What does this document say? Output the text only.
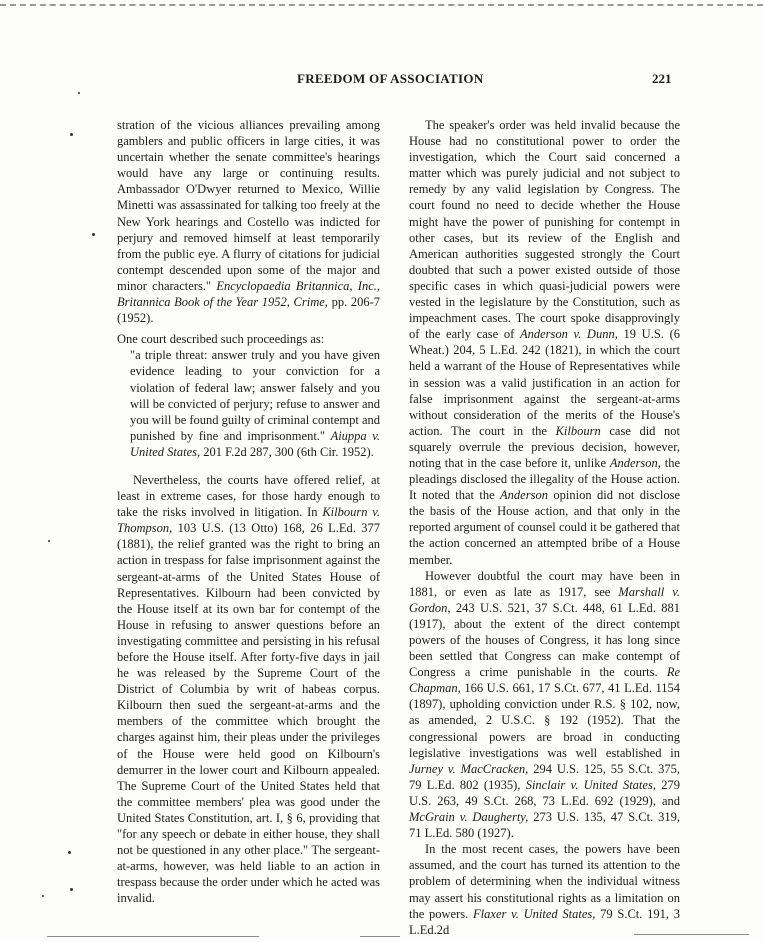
FREEDOM OF ASSOCIATION	221

stration of the vicious alliances prevailing among gamblers and public officers in large cities, it was uncertain whether the senate committee's hearings would have any large or continuing results. Ambassador O'Dwyer returned to Mexico, Willie Minetti was assassinated for talking too freely at the New York hearings and Costello was indicted for perjury and removed himself at least temporarily from the public eye. A flurry of citations for judicial contempt descended upon some of the major and minor characters." Encyclopaedia Britannica, Inc., Britannica Book of the Year 1952, Crime, pp. 206-7 (1952).

One court described such proceedings as:

"a triple threat: answer truly and you have given evidence leading to your conviction for a violation of federal law; answer falsely and you will be convicted of perjury; refuse to answer and you will be found guilty of criminal contempt and punished by fine and imprisonment." Aiuppa v. United States, 201 F.2d 287, 300 (6th Cir. 1952).

Nevertheless, the courts have offered relief, at least in extreme cases, for those hardy enough to take the risks involved in litigation. In Kilbourn v. Thompson, 103 U.S. (13 Otto) 168, 26 L.Ed. 377 (1881), the relief granted was the right to bring an action in trespass for false imprisonment against the sergeant-at-arms of the United States House of Representatives. Kilbourn had been convicted by the House itself at its own bar for contempt of the House in refusing to answer questions before an investigating committee and persisting in his refusal before the House itself. After forty-five days in jail he was released by the Supreme Court of the District of Columbia by writ of habeas corpus. Kilbourn then sued the sergeant-at-arms and the members of the committee which brought the charges against him, their pleas under the privileges of the House were held good on Kilbourn's demurrer in the lower court and Kilbourn appealed. The Supreme Court of the United States held that the committee members' plea was good under the United States Constitution, art. I, § 6, providing that "for any speech or debate in either house, they shall not be questioned in any other place." The sergeant-at-arms, however, was held liable to an action in trespass because the order under which he acted was invalid.

The speaker's order was held invalid because the House had no constitutional power to order the investigation, which the Court said concerned a matter which was purely judicial and not subject to remedy by any valid legislation by Congress. The court found no need to decide whether the House might have the power of punishing for contempt in other cases, but its review of the English and American authorities suggested strongly the Court doubted that such a power existed outside of those specific cases in which quasi-judicial powers were vested in the legislature by the Constitution, such as impeachment cases. The court spoke disapprovingly of the early case of Anderson v. Dunn, 19 U.S. (6 Wheat.) 204, 5 L.Ed. 242 (1821), in which the court held a warrant of the House of Representatives while in session was a valid justification in an action for false imprisonment against the sergeant-at-arms without consideration of the merits of the House's action. The court in the Kilbourn case did not squarely overrule the previous decision, however, noting that in the case before it, unlike Anderson, the pleadings disclosed the illegality of the House action. It noted that the Anderson opinion did not disclose the basis of the House action, and that only in the reported argument of counsel could it be gathered that the action concerned an attempted bribe of a House member.

However doubtful the court may have been in 1881, or even as late as 1917, see Marshall v. Gordon, 243 U.S. 521, 37 S.Ct. 448, 61 L.Ed. 881 (1917), about the extent of the direct contempt powers of the houses of Congress, it has long since been settled that Congress can make contempt of Congress a crime punishable in the courts. Re Chapman, 166 U.S. 661, 17 S.Ct. 677, 41 L.Ed. 1154 (1897), upholding conviction under R.S. § 102, now, as amended, 2 U.S.C. § 192 (1952). That the congressional powers are broad in conducting legislative investigations was well established in Jurney v. MacCracken, 294 U.S. 125, 55 S.Ct. 375, 79 L.Ed. 802 (1935), Sinclair v. United States, 279 U.S. 263, 49 S.Ct. 268, 73 L.Ed. 692 (1929), and McGrain v. Daugherty, 273 U.S. 135, 47 S.Ct. 319, 71 L.Ed. 580 (1927).

In the most recent cases, the powers have been assumed, and the court has turned its attention to the problem of determining when the individual witness may assert his constitutional rights as a limitation on the powers. Flaxer v. United States, 79 S.Ct. 191, 3 L.Ed.2d
